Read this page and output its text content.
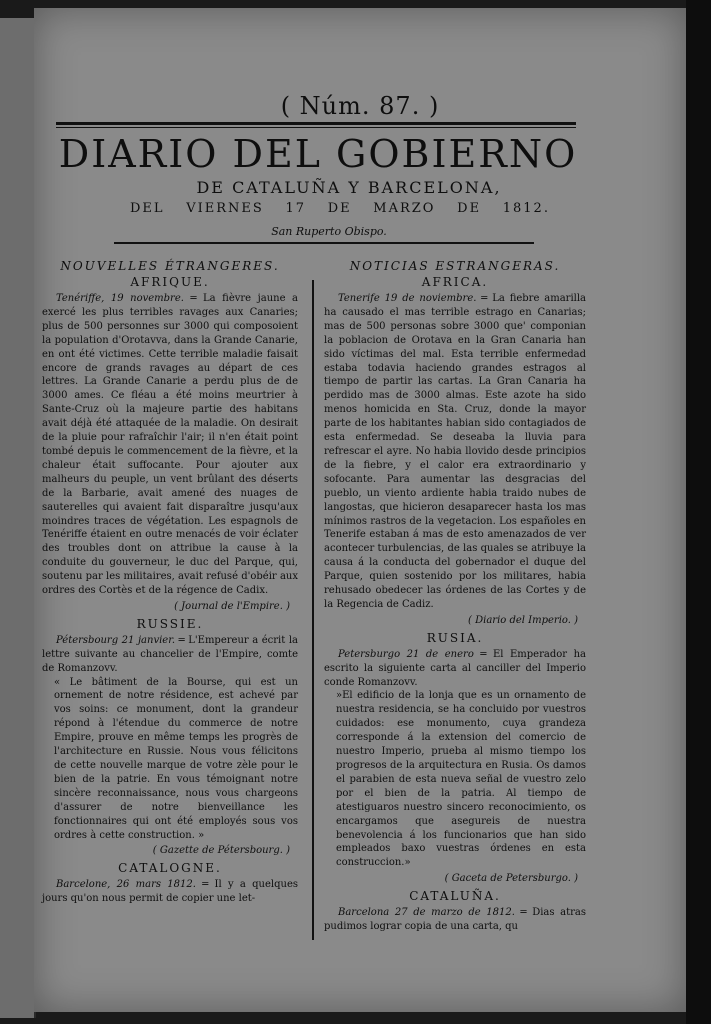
( Núm. 87. )
DIARIO DEL GOBIERNO
DE CATALUÑA Y BARCELONA,
DEL VIERNES 17 DE MARZO DE 1812.
San Ruperto Obispo.

NOUVELLES ÉTRANGERES.

AFRIQUE.

Tenériffe, 19 novembre. ═ La fièvre jaune a exercé les plus terribles ravages aux Canaries; plus de 500 personnes sur 3000 qui composoient la population d'Orotavva, dans la Grande Canarie, en ont été victimes. Cette terrible maladie faisait encore de grands ravages au départ de ces lettres. La Grande Canarie a perdu plus de de 3000 ames. Ce fléau a été moins meurtrier à Sante-Cruz où la majeure partie des habitans avait déjà été attaquée de la maladie. On desirait de la pluie pour rafraîchir l'air; il n'en était point tombé depuis le commencement de la fièvre, et la chaleur était suffocante. Pour ajouter aux malheurs du peuple, un vent brûlant des déserts de la Barbarie, avait amené des nuages de sauterelles qui avaient fait disparaître jusqu'aux moindres traces de végétation. Les espagnols de Tenériffe étaient en outre menacés de voir éclater des troubles dont on attribue la cause à la conduite du gouverneur, le duc del Parque, qui, soutenu par les militaires, avait refusé d'obéir aux ordres des Cortès et de la régence de Cadix.

( Journal de l'Empire. )

RUSSIE.

Pétersbourg 21 janvier. ═ L'Empereur a écrit la lettre suivante au chancelier de l'Empire, comte de Romanzovv.

« Le bâtiment de la Bourse, qui est un ornement de notre résidence, est achevé par vos soins: ce monument, dont la grandeur répond à l'étendue du commerce de notre Empire, prouve en même temps les progrès de l'architecture en Russie. Nous vous félicitons de cette nouvelle marque de votre zèle pour le bien de la patrie. En vous témoignant notre sincère reconnaissance, nous vous chargeons d'assurer de notre bienveillance les fonctionnaires qui ont été employés sous vos ordres à cette construction. »

( Gazette de Pétersbourg. )

CATALOGNE.

Barcelone, 26 mars 1812. ═ Il y a quelques jours qu'on nous permit de copier une let-

NOTICIAS ESTRANGERAS.

AFRICA.

Tenerife 19 de noviembre. ═ La fiebre amarilla ha causado el mas terrible estrago en Canarias; mas de 500 personas sobre 3000 que' componian la poblacion de Orotava en la Gran Canaria han sido víctimas del mal. Esta terrible enfermedad estaba todavia haciendo grandes estragos al tiempo de partir las cartas. La Gran Canaria ha perdido mas de 3000 almas. Este azote ha sido menos homicida en Sta. Cruz, donde la mayor parte de los habitantes habian sido contagiados de esta enfermedad. Se deseaba la lluvia para refrescar el ayre. No habia llovido desde principios de la fiebre, y el calor era extraordinario y sofocante. Para aumentar las desgracias del pueblo, un viento ardiente habia traido nubes de langostas, que hicieron desaparecer hasta los mas mínimos rastros de la vegetacion. Los españoles en Tenerife estaban á mas de esto amenazados de ver acontecer turbulencias, de las quales se atribuye la causa á la conducta del gobernador el duque del Parque, quien sostenido por los militares, habia rehusado obedecer las órdenes de las Cortes y de la Regencia de Cadiz.

( Diario del Imperio. )

RUSIA.

Petersburgo 21 de enero ═ El Emperador ha escrito la siguiente carta al canciller del Imperio conde Romanzovv.

»El edificio de la lonja que es un ornamento de nuestra residencia, se ha concluido por vuestros cuidados: ese monumento, cuya grandeza corresponde á la extension del comercio de nuestro Imperio, prueba al mismo tiempo los progresos de la arquitectura en Rusia. Os damos el parabien de esta nueva señal de vuestro zelo por el bien de la patria. Al tiempo de atestiguaros nuestro sincero reconocimiento, os encargamos que asegureis de nuestra benevolencia á los funcionarios que han sido empleados baxo vuestras órdenes en esta construccion.»

( Gaceta de Petersburgo. )

CATALUÑA.

Barcelona 27 de marzo de 1812. ═ Dias atras pudimos lograr copia de una carta, qu
